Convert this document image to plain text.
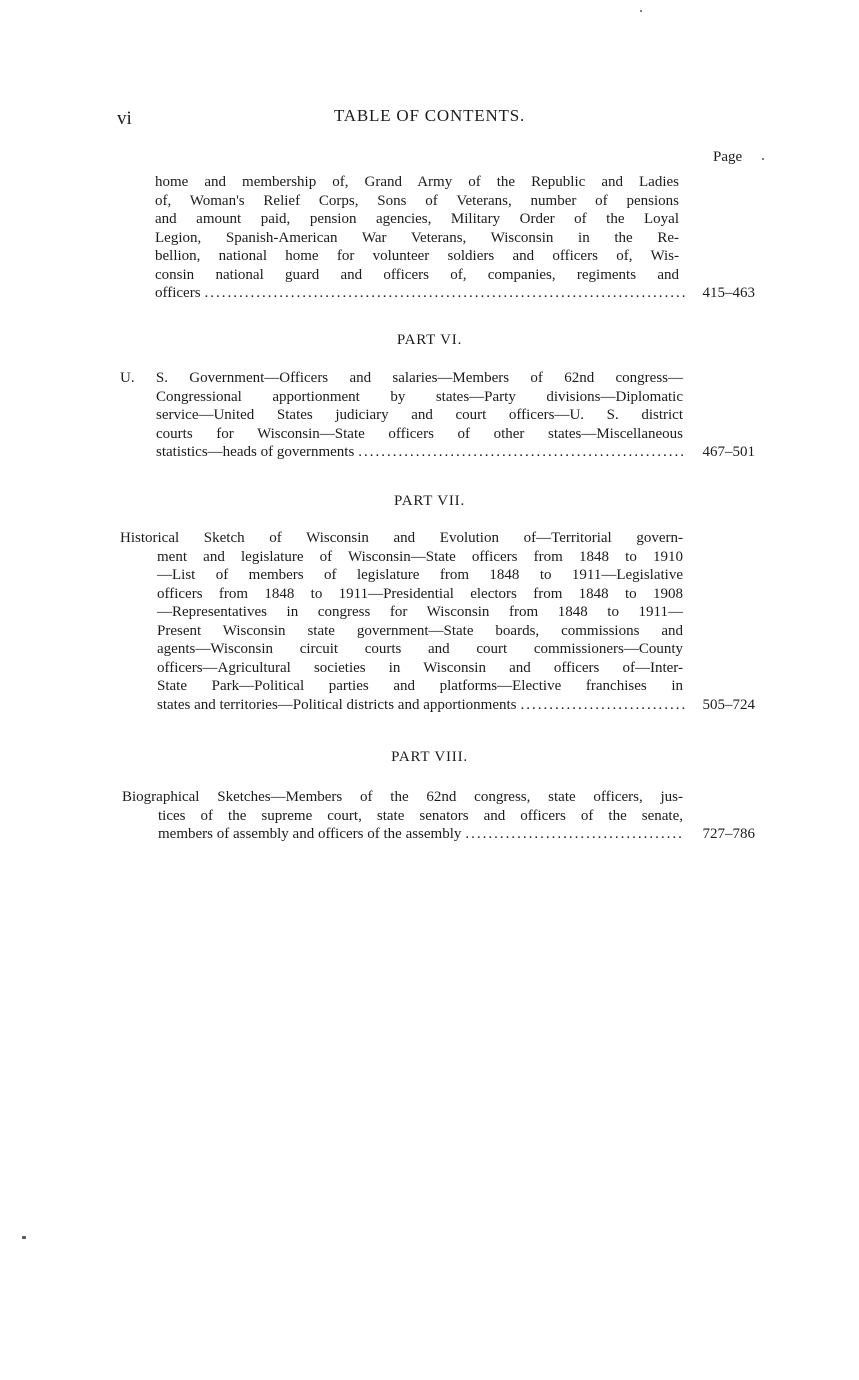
vi	TABLE OF CONTENTS.
Page
home and membership of, Grand Army of the Republic and Ladies
of, Woman's Relief Corps, Sons of Veterans, number of pensions
and amount paid, pension agencies, Military Order of the Loyal
Legion, Spanish-American War Veterans, Wisconsin in the Re-
bellion, national home for volunteer soldiers and officers of, Wis-
consin national guard and officers of, companies, regiments and
officers .....	415–463
PART VI.
U. S. Government—Officers and salaries—Members of 62nd congress—
Congressional apportionment by states—Party divisions—Diplomatic
service—United States judiciary and court officers—U. S. district
courts for Wisconsin—State officers of other states—Miscellaneous
statistics—heads of governments .....	467–501
PART VII.
Historical Sketch of Wisconsin and Evolution of—Territorial govern-
ment and legislature of Wisconsin—State officers from 1848 to 1910
—List of members of legislature from 1848 to 1911—Legislative
officers from 1848 to 1911—Presidential electors from 1848 to 1908
—Representatives in congress for Wisconsin from 1848 to 1911—
Present Wisconsin state government—State boards, commissions and
agents—Wisconsin circuit courts and court commissioners—County
officers—Agricultural societies in Wisconsin and officers of—Inter-
State Park—Political parties and platforms—Elective franchises in
states and territories—Political districts and apportionments .....	505–724
PART VIII.
Biographical Sketches—Members of the 62nd congress, state officers, jus-
tices of the supreme court, state senators and officers of the senate,
members of assembly and officers of the assembly .....	727–786
